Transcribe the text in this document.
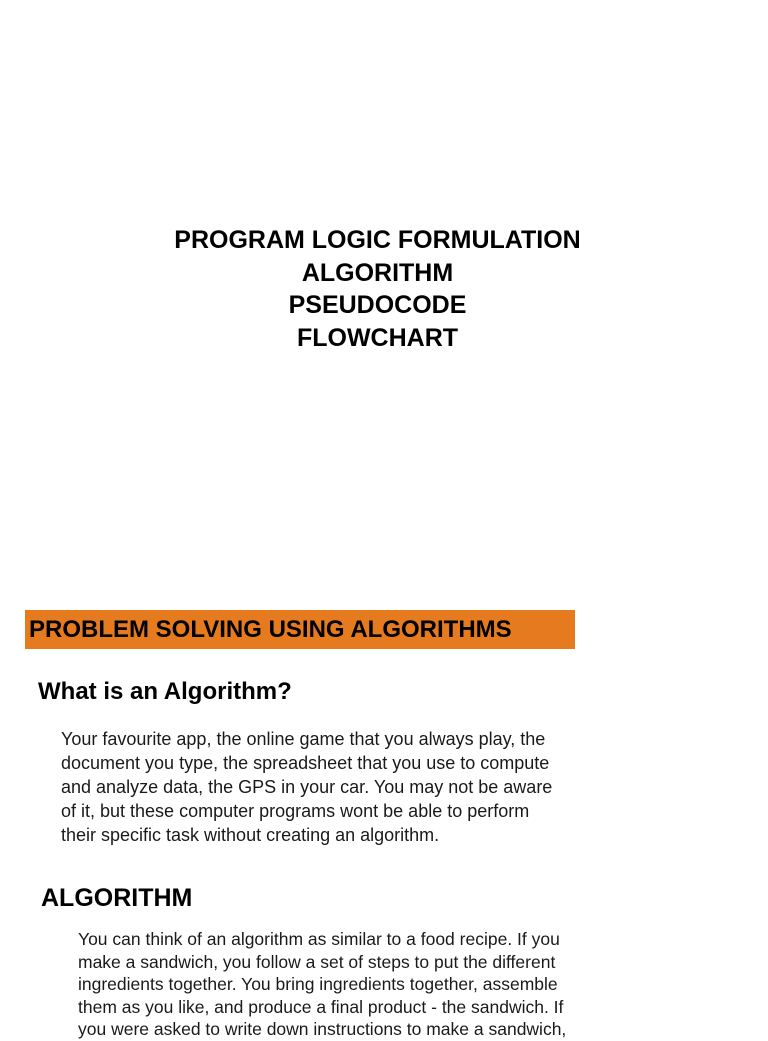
PROGRAM LOGIC FORMULATION
ALGORITHM
PSEUDOCODE
FLOWCHART
PROBLEM SOLVING USING ALGORITHMS
What is an Algorithm?
Your favourite app, the online game that you always play, the
document you type, the spreadsheet that you use to compute
and analyze data, the GPS in your car. You may not be aware
of it, but these computer programs wont be able to perform
their specific task without creating an algorithm.
ALGORITHM
You can think of an algorithm as similar to a food recipe. If you
make a sandwich, you follow a set of steps to put the different
ingredients together. You bring ingredients together, assemble
them as you like, and produce a final product - the sandwich. If
you were asked to write down instructions to make a sandwich,
